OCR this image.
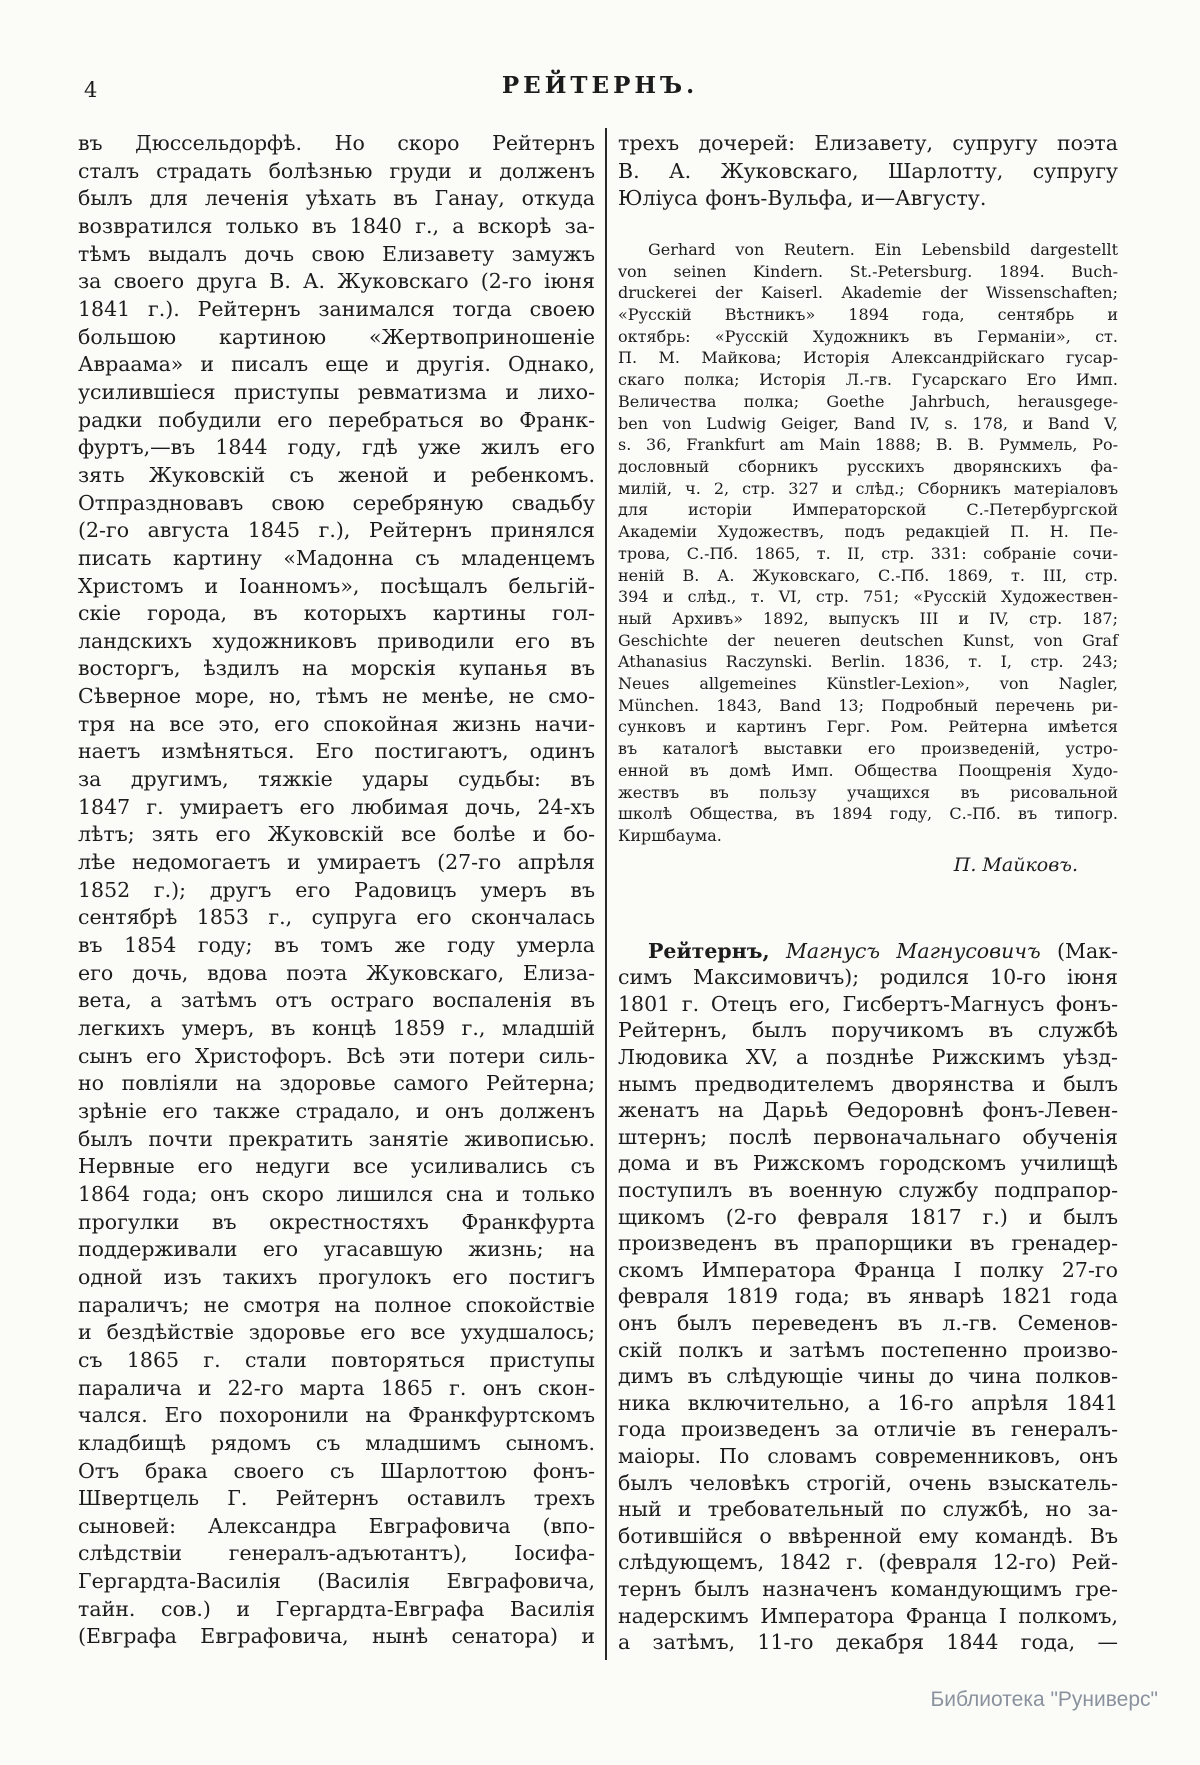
4	РЕЙТЕРНЪ.
въ Дюссельдорфѣ. Но скоро Рейтернъ
сталъ страдать болѣзнью груди и долженъ
былъ для леченія уѣхать въ Ганау, откуда
возвратился только въ 1840 г., а вскорѣ за-
тѣмъ выдалъ дочь свою Елизавету замужъ
за своего друга В. А. Жуковскаго (2-го іюня
1841 г.). Рейтернъ занимался тогда своею
большою картиною «Жертвоприношеніе
Авраама» и писалъ еще и другія. Однако,
усилившіеся приступы ревматизма и лихо-
радки побудили его перебраться во Франк-
фуртъ,—въ 1844 году, гдѣ уже жилъ его
зять Жуковскій съ женой и ребенкомъ.
Отпраздновавъ свою серебряную свадьбу
(2-го августа 1845 г.), Рейтернъ принялся
писать картину «Мадонна съ младенцемъ
Христомъ и Іоанномъ», посѣщалъ бельгій-
скіе города, въ которыхъ картины гол-
ландскихъ художниковъ приводили его въ
восторгъ, ѣздилъ на морскія купанья въ
Сѣверное море, но, тѣмъ не менѣе, не смо-
тря на все это, его спокойная жизнь начи-
наетъ измѣняться. Его постигаютъ, одинъ
за другимъ, тяжкіе удары судьбы: въ
1847 г. умираетъ его любимая дочь, 24-хъ
лѣтъ; зять его Жуковскій все болѣе и бо-
лѣе недомогаетъ и умираетъ (27-го апрѣля
1852 г.); другъ его Радовицъ умеръ въ
сентябрѣ 1853 г., супруга его скончалась
въ 1854 году; въ томъ же году умерла
его дочь, вдова поэта Жуковскаго, Елиза-
вета, а затѣмъ отъ остраго воспаленія въ
легкихъ умеръ, въ концѣ 1859 г., младшій
сынъ его Христофоръ. Всѣ эти потери силь-
но повліяли на здоровье самого Рейтерна;
зрѣніе его также страдало, и онъ долженъ
былъ почти прекратить занятіе живописью.
Нервные его недуги все усиливались съ
1864 года; онъ скоро лишился сна и только
прогулки въ окрестностяхъ Франкфурта
поддерживали его угасавшую жизнь; на
одной изъ такихъ прогулокъ его постигъ
параличъ; не смотря на полное спокойствіе
и бездѣйствіе здоровье его все ухудшалось;
съ 1865 г. стали повторяться приступы
паралича и 22-го марта 1865 г. онъ скон-
чался. Его похоронили на Франкфуртскомъ
кладбищѣ рядомъ съ младшимъ сыномъ.
Отъ брака своего съ Шарлоттою фонъ-
Швертцель Г. Рейтернъ оставилъ трехъ
сыновей: Александра Евграфовича (впо-
слѣдствіи генералъ-адъютантъ), Іосифа-
Гергардта-Василія (Василія Евграфовича,
тайн. сов.) и Гергардта-Евграфа Василія
(Евграфа Евграфовича, нынѣ сенатора) и
трехъ дочерей: Елизавету, супругу поэта
В. А. Жуковскаго, Шарлотту, супругу
Юліуса фонъ-Вульфа, и—Августу.
Gerhard von Reutern. Ein Lebensbild dargestellt
von seinen Kindern. St.-Petersburg. 1894. Buch-
druckerei der Kaiserl. Akademie der Wissenschaften;
«Русскій Вѣстникъ» 1894 года, сентябрь и
октябрь: «Русскій Художникъ въ Германіи», ст.
П. М. Майкова; Исторія Александрійскаго гусар-
скаго полка; Исторія Л.-гв. Гусарскаго Его Имп.
Величества полка; Goethe Jahrbuch, herausgege-
ben von Ludwig Geiger, Band IV, s. 178, и Band V,
s. 36, Frankfurt am Main 1888; В. В. Руммель, Ро-
дословный сборникъ русскихъ дворянскихъ фа-
милій, ч. 2, стр. 327 и слѣд.; Сборникъ матеріаловъ
для исторіи Императорской С.-Петербургской
Академіи Художествъ, подъ редакціей П. Н. Пе-
трова, С.-Пб. 1865, т. II, стр. 331: собраніе сочи-
неній В. А. Жуковскаго, С.-Пб. 1869, т. III, стр.
394 и слѣд., т. VI, стр. 751; «Русскій Художествен-
ный Архивъ» 1892, выпускъ III и IV, стр. 187;
Geschichte der neueren deutschen Kunst, von Graf
Athanasius Raczynski. Berlin. 1836, т. I, стр. 243;
Neues allgemeines Künstler-Lexion», von Nagler,
München. 1843, Band 13; Подробный перечень ри-
сунковъ и картинъ Герг. Ром. Рейтерна имѣется
въ каталогѣ выставки его произведеній, устро-
енной въ домѣ Имп. Общества Поощренія Худо-
жествъ въ пользу учащихся въ рисовальной
школѣ Общества, въ 1894 году, С.-Пб. въ типогр.
Киршбаума.
П. Майковъ.
Рейтернъ, Магнусъ Магнусовичъ (Мак-
симъ Максимовичъ); родился 10-го іюня
1801 г. Отецъ его, Гисбертъ-Магнусъ фонъ-
Рейтернъ, былъ поручикомъ въ службѣ
Людовика XV, а позднѣе Рижскимъ уѣзд-
нымъ предводителемъ дворянства и былъ
женатъ на Дарьѣ Ѳедоровнѣ фонъ-Левен-
штернъ; послѣ первоначальнаго обученія
дома и въ Рижскомъ городскомъ училищѣ
поступилъ въ военную службу подпрапор-
щикомъ (2-го февраля 1817 г.) и былъ
произведенъ въ прапорщики въ гренадер-
скомъ Императора Франца I полку 27-го
февраля 1819 года; въ январѣ 1821 года
онъ былъ переведенъ въ л.-гв. Семенов-
скій полкъ и затѣмъ постепенно произво-
димъ въ слѣдующіе чины до чина полков-
ника включительно, а 16-го апрѣля 1841
года произведенъ за отличіе въ генералъ-
маіоры. По словамъ современниковъ, онъ
былъ человѣкъ строгій, очень взыскатель-
ный и требовательный по службѣ, но за-
ботившійся о ввѣренной ему командѣ. Въ
слѣдующемъ, 1842 г. (февраля 12-го) Рей-
тернъ былъ назначенъ командующимъ гре-
надерскимъ Императора Франца I полкомъ,
а затѣмъ, 11-го декабря 1844 года, —
Библиотека "Руниверс"
